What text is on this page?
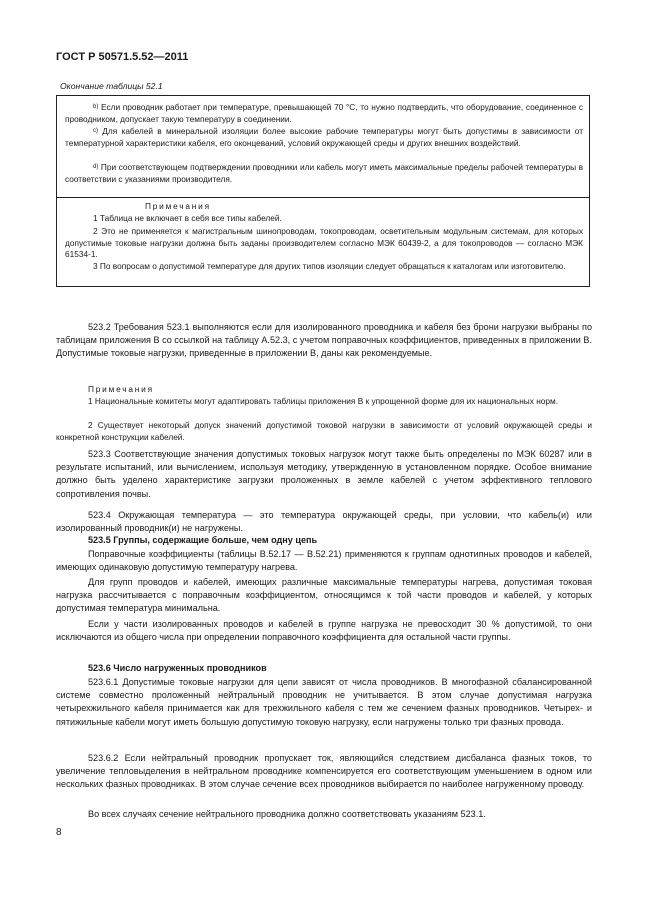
ГОСТ Р 50571.5.52—2011
Окончание таблицы 52.1

$^{b)}$ Если проводник работает при температуре, превышающей 70 °С, то нужно подтвердить, что оборудование, соединенное с проводником, допускает такую температуру в соединении.

$^{c)}$ Для кабелей в минеральной изоляции более высокие рабочие температуры могут быть допустимы в зависимости от температурной характеристики кабеля, его оконцеваний, условий окружающей среды и других внешних воздействий.

$^{d)}$ При соответствующем подтверждении проводники или кабель могут иметь максимальные пределы рабочей температуры в соответствии с указаниями производителя.

Примечания

1 Таблица не включает в себя все типы кабелей.

2 Это не применяется к магистральным шинопроводам, токопроводам, осветительным модульным системам, для которых допустимые токовые нагрузки должна быть заданы производителем согласно МЭК 60439-2, а для токопроводов — согласно МЭК 61534-1.

3 По вопросам о допустимой температуре для других типов изоляции следует обращаться к каталогам или изготовителю.

523.2 Требования 523.1 выполняются если для изолированного проводника и кабеля без брони нагрузки выбраны по таблицам приложения В со ссылкой на таблицу А.52.3, с учетом поправочных коэффициентов, приведенных в приложении В. Допустимые токовые нагрузки, приведенные в приложении В, даны как рекомендуемые.

Примечания

1 Национальные комитеты могут адаптировать таблицы приложения В к упрощенной форме для их национальных норм.

2 Существует некоторый допуск значений допустимой токовой нагрузки в зависимости от условий окружающей среды и конкретной конструкции кабелей.

523.3 Соответствующие значения допустимых токовых нагрузок могут также быть определены по МЭК 60287 или в результате испытаний, или вычислением, используя методику, утвержденную в установленном порядке. Особое внимание должно быть уделено характеристике загрузки проложенных в земле кабелей с учетом эффективного теплового сопротивления почвы.

523.4 Окружающая температура — это температура окружающей среды, при условии, что кабель(и) или изолированный проводник(и) не нагружены.

523.5 Группы, содержащие больше, чем одну цепь

Поправочные коэффициенты (таблицы В.52.17 — В.52.21) применяются к группам однотипных проводов и кабелей, имеющих одинаковую допустимую температуру нагрева.

Для групп проводов и кабелей, имеющих различные максимальные температуры нагрева, допустимая токовая нагрузка рассчитывается с поправочным коэффициентом, относящимся к той части проводов и кабелей, у которых допустимая температура минимальна.

Если у части изолированных проводов и кабелей в группе нагрузка не превосходит 30 % допустимой, то они исключаются из общего числа при определении поправочного коэффициента для остальной части группы.

523.6 Число нагруженных проводников

523.6.1 Допустимые токовые нагрузки для цепи зависят от числа проводников. В многофазной сбалансированной системе совместно проложенный нейтральный проводник не учитывается. В этом случае допустимая нагрузка четырехжильного кабеля принимается как для трехжильного кабеля с тем же сечением фазных проводников. Четырех- и пятижильные кабели могут иметь большую допустимую токовую нагрузку, если нагружены только три фазных провода.

523.6.2 Если нейтральный проводник пропускает ток, являющийся следствием дисбаланса фазных токов, то увеличение тепловыделения в нейтральном проводнике компенсируется его соответствующим уменьшением в одном или нескольких фазных проводниках. В этом случае сечение всех проводников выбирается по наиболее нагруженному проводу.

Во всех случаях сечение нейтрального проводника должно соответствовать указаниям 523.1.

8
